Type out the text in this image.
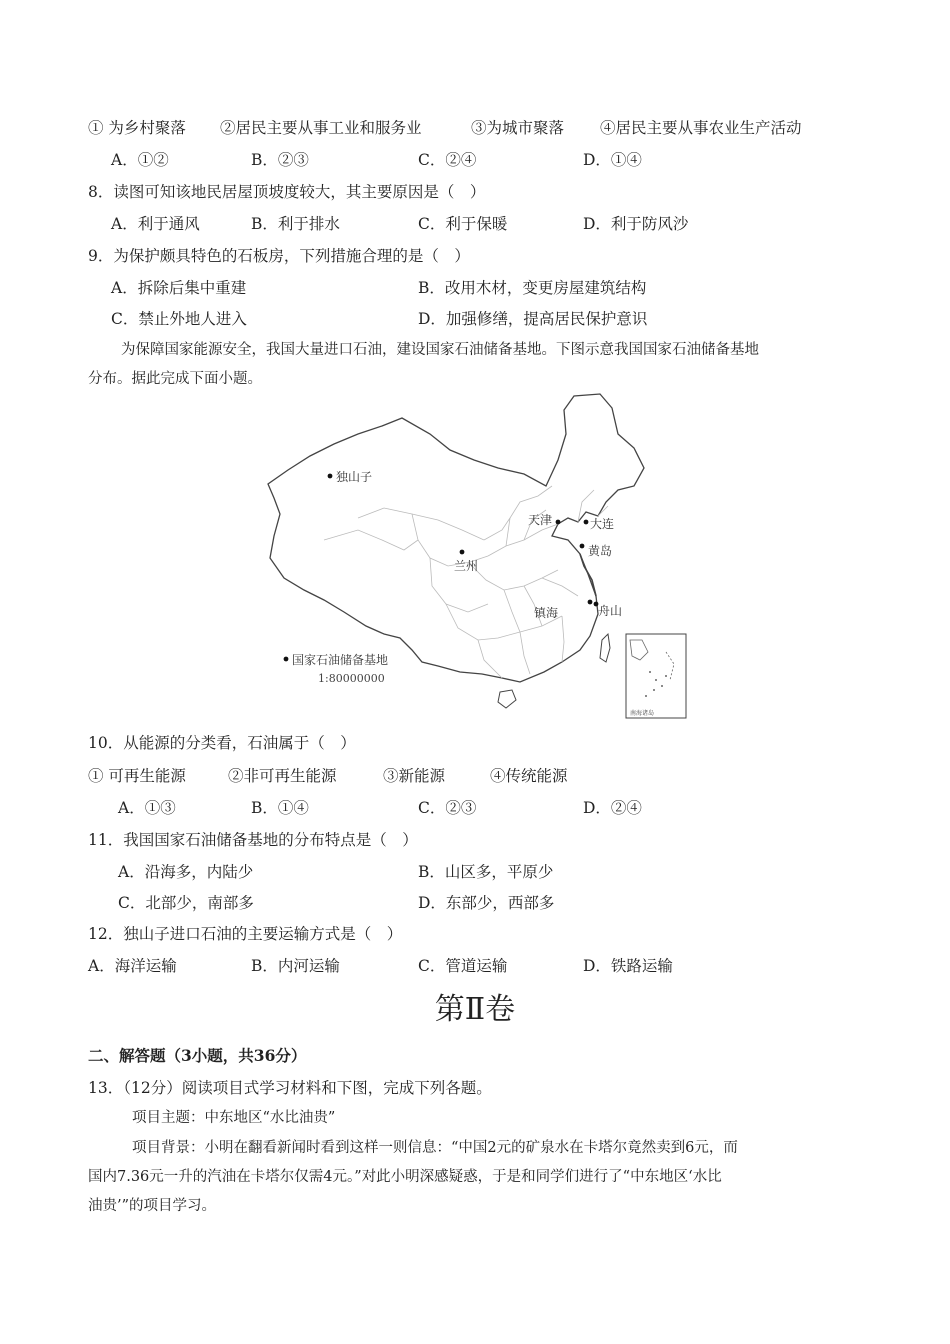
① 为乡村聚落 ②居民主要从事工业和服务业	③为城市聚落 ④居民主要从事农业生产活动
A．①②	B．②③	C．②④	D．①④
8．读图可知该地民居屋顶坡度较大，其主要原因是（　）
A．利于通风	B．利于排水	C．利于保暖	D．利于防风沙
9．为保护颇具特色的石板房，下列措施合理的是（　）
A．拆除后集中重建	B．改用木材，变更房屋建筑结构
C．禁止外地人进入	D．加强修缮，提高居民保护意识
为保障国家能源安全，我国大量进口石油，建设国家石油储备基地。下图示意我国国家石油储备基地
分布。据此完成下面小题。
南海诸岛
独山子
兰州
天津	大连
黄岛
镇海	舟山
国家石油储备基地
1:80000000
10．从能源的分类看，石油属于（　）
① 可再生能源	②非可再生能源	③新能源	④传统能源
A．①③	B．①④	C．②③	D．②④
11．我国国家石油储备基地的分布特点是（　）
A．沿海多，内陆少	B．山区多，平原少
C．北部少，南部多	D．东部少，西部多
12．独山子进口石油的主要运输方式是（　）
A．海洋运输	B．内河运输	C．管道运输	D．铁路运输
第Ⅱ卷
二、解答题（3小题，共36分）
13．（12分）阅读项目式学习材料和下图，完成下列各题。
项目主题：中东地区“水比油贵”
项目背景：小明在翻看新闻时看到这样一则信息：“中国2元的矿泉水在卡塔尔竟然卖到6元，而
国内7.36元一升的汽油在卡塔尔仅需4元。”对此小明深感疑惑，于是和同学们进行了“中东地区‘水比
油贵’”的项目学习。
